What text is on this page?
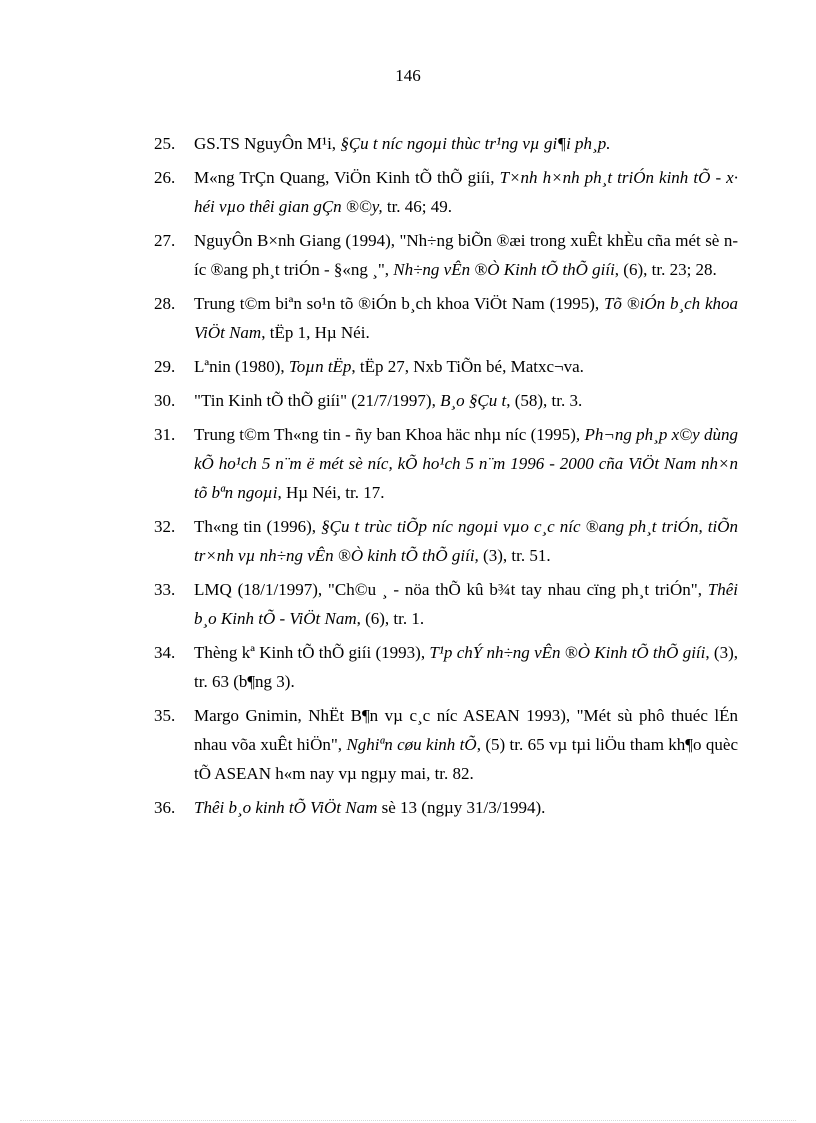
146
25. GS.TS NguyÔn M¹i, §Çu t níc ngoµi thùc tr¹ng vµ gi¶i ph¸p.
26. M«ng TrÇn Quang, ViÖn Kinh tÕ thÕ giíi, T×nh h×nh ph¸t triÓn kinh tÕ - x· héi vµo thêi gian gÇn ®©y, tr. 46; 49.
27. NguyÔn B×nh Giang (1994), "Nh÷ng biÕn ®æi trong xuÊt khÈu cña mét sè níc ®ang ph¸t triÓn - §«ng ¸", Nh÷ng vÊn ®Ò Kinh tÕ thÕ giíi, (6), tr. 23; 28.
28. Trung t©m biªn so¹n tõ ®iÓn b¸ch khoa ViÖt Nam (1995), Tõ ®iÓn b¸ch khoa ViÖt Nam, tËp 1, Hµ Néi.
29. Lªnin (1980), Toµn tËp, tËp 27, Nxb TiÕn bé, Matxc¬va.
30. "Tin Kinh tÕ thÕ giíi" (21/7/1997), B¸o §Çu t, (58), tr. 3.
31. Trung t©m Th«ng tin - ñy ban Khoa häc nhµ níc (1995), Ph¬ng ph¸p x©y dùng kÕ ho¹ch 5 n¨m ë mét sè níc, kÕ ho¹ch 5 n¨m 1996 - 2000 cña ViÖt Nam nh×n tõ bªn ngoµi, Hµ Néi, tr. 17.
32. Th«ng tin (1996), §Çu t trùc tiÕp níc ngoµi vµo c¸c níc ®ang ph¸t triÓn, tiÕn tr×nh vµ nh÷ng vÊn ®Ò kinh tÕ thÕ giíi, (3), tr. 51.
33. LMQ (18/1/1997), "Ch©u ¸ - nöa thÕ kû b¾t tay nhau cïng ph¸t triÓn", Thêi b¸o Kinh tÕ - ViÖt Nam, (6), tr. 1.
34. Thèng kª Kinh tÕ thÕ giíi (1993), T¹p chÝ nh÷ng vÊn ®Ò Kinh tÕ thÕ giíi, (3), tr. 63 (b¶ng 3).
35. Margo Gnimin, NhËt B¶n vµ c¸c níc ASEAN 1993), "Mét sù phô thuéc lÉn nhau võa xuÊt hiÖn", Nghiªn cøu kinh tÕ, (5) tr. 65 vµ tµi liÖu tham kh¶o quèc tÕ ASEAN h«m nay vµ ngµy mai, tr. 82.
36. Thêi b¸o kinh tÕ ViÖt Nam sè 13 (ngµy 31/3/1994).
